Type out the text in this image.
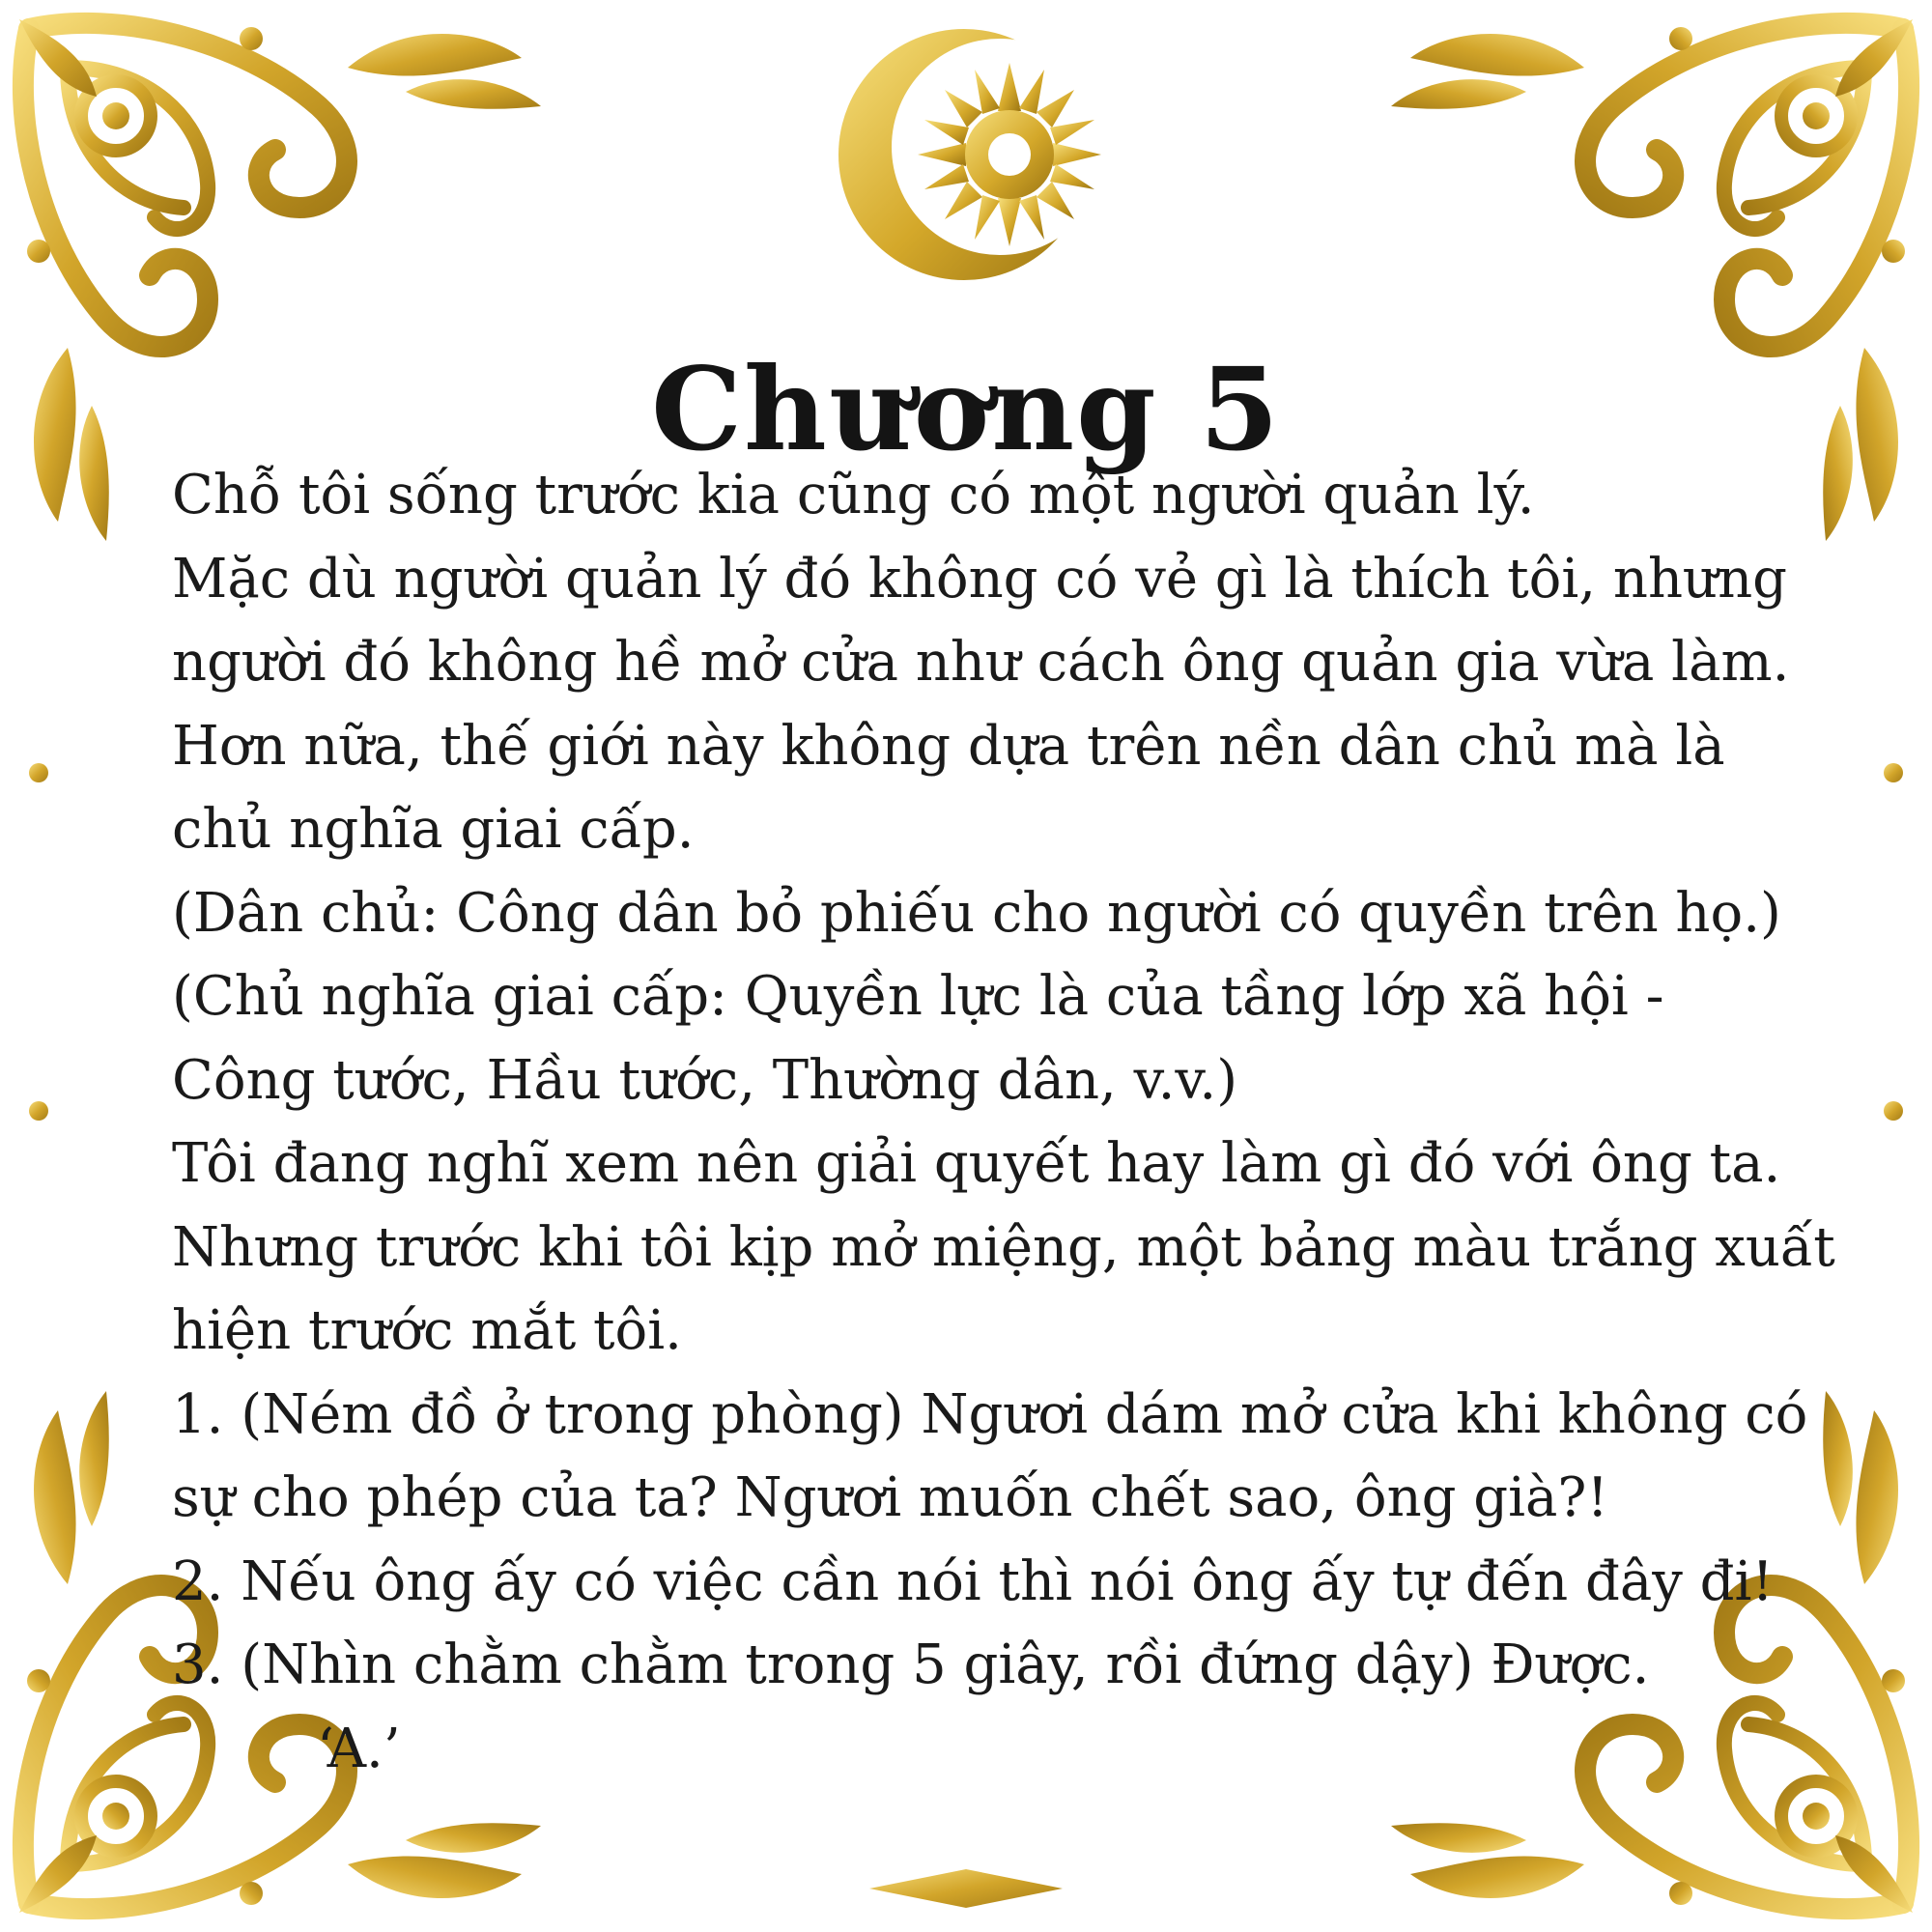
Chương 5
Chỗ tôi sống trước kia cũng có một người quản lý.
Mặc dù người quản lý đó không có vẻ gì là thích tôi, nhưng
người đó không hề mở cửa như cách ông quản gia vừa làm.
Hơn nữa, thế giới này không dựa trên nền dân chủ mà là
chủ nghĩa giai cấp.
(Dân chủ: Công dân bỏ phiếu cho người có quyền trên họ.)
(Chủ nghĩa giai cấp: Quyền lực là của tầng lớp xã hội -
Công tước, Hầu tước, Thường dân, v.v.)
Tôi đang nghĩ xem nên giải quyết hay làm gì đó với ông ta.
Nhưng trước khi tôi kịp mở miệng, một bảng màu trắng xuất
hiện trước mắt tôi.
1. (Ném đồ ở trong phòng) Ngươi dám mở cửa khi không có
sự cho phép của ta? Ngươi muốn chết sao, ông già?!
2. Nếu ông ấy có việc cần nói thì nói ông ấy tự đến đây đi!
3. (Nhìn chằm chằm trong 5 giây, rồi đứng dậy) Được.
‘A.’
